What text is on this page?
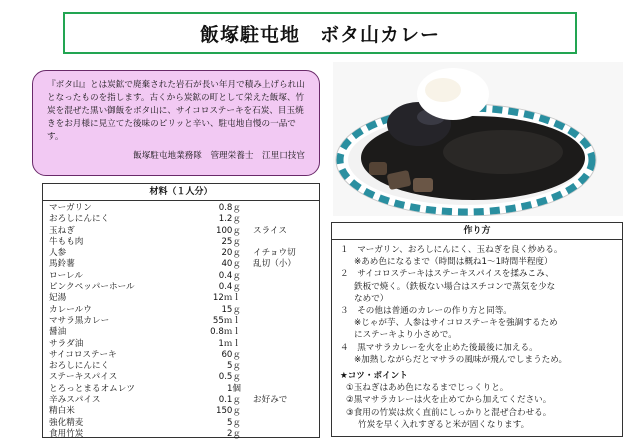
飯塚駐屯地　ボタ山カレー
『ボタ山』とは炭鉱で廃棄された岩石が長い年月で積み上げられ山となったものを指します。古くから炭鉱の町として栄えた飯塚、竹炭を混ぜた黒い御飯をボタ山に、サイコロステーキを石炭、目玉焼きをお月様に見立てた後味のピリッと辛い、駐屯地自慢の一品です。
飯塚駐屯地業務隊　管理栄養士　江里口技官
材料（１人分）
マーガリン	0.8ｇ
おろしにんにく	1.2ｇ
玉ねぎ	100ｇ	スライス
牛もも肉	25ｇ
人参	20ｇ	イチョウ切
馬鈴薯	40ｇ	乱切（小）
ローレル	0.4ｇ
ピンクペッパーホール	0.4ｇ
妃湯	12ｍｌ
カレールウ	15ｇ
マサラ黒カレー	55ｍｌ
醤油	0.8ｍｌ
サラダ油	1ｍｌ
サイコロステーキ	60ｇ
おろしにんにく	5ｇ
ステーキスパイス	0.5ｇ
とろっとまるオムレツ	1個
辛みスパイス	0.1ｇ	お好みで
精白米	150ｇ
強化精麦	5ｇ
食用竹炭	2ｇ
作り方
１　マーガリン、おろしにんにく、玉ねぎを良く炒める。
※あめ色になるまで（時間は概ね1～1時間半程度）
２　サイコロステーキはステーキスパイスを揉みこみ、
鉄板で焼く。（鉄板ない場合はスチコンで蒸気を少な
なめで）
３　その他は普通のカレーの作り方と同等。
※じゃが芋、人参はサイコロステーキを強調するため
にステーキより小さめで。
４　黒マサラカレーを火を止めた後最後に加える。
※加熱しながらだとマサラの風味が飛んでしまうため。
★コツ・ポイント
①玉ねぎはあめ色になるまでじっくりと。
②黒マサラカレーは火を止めてから加えてください。
③食用の竹炭は炊く直前にしっかりと混ぜ合わせる。
竹炭を早く入れすぎると米が固くなります。
